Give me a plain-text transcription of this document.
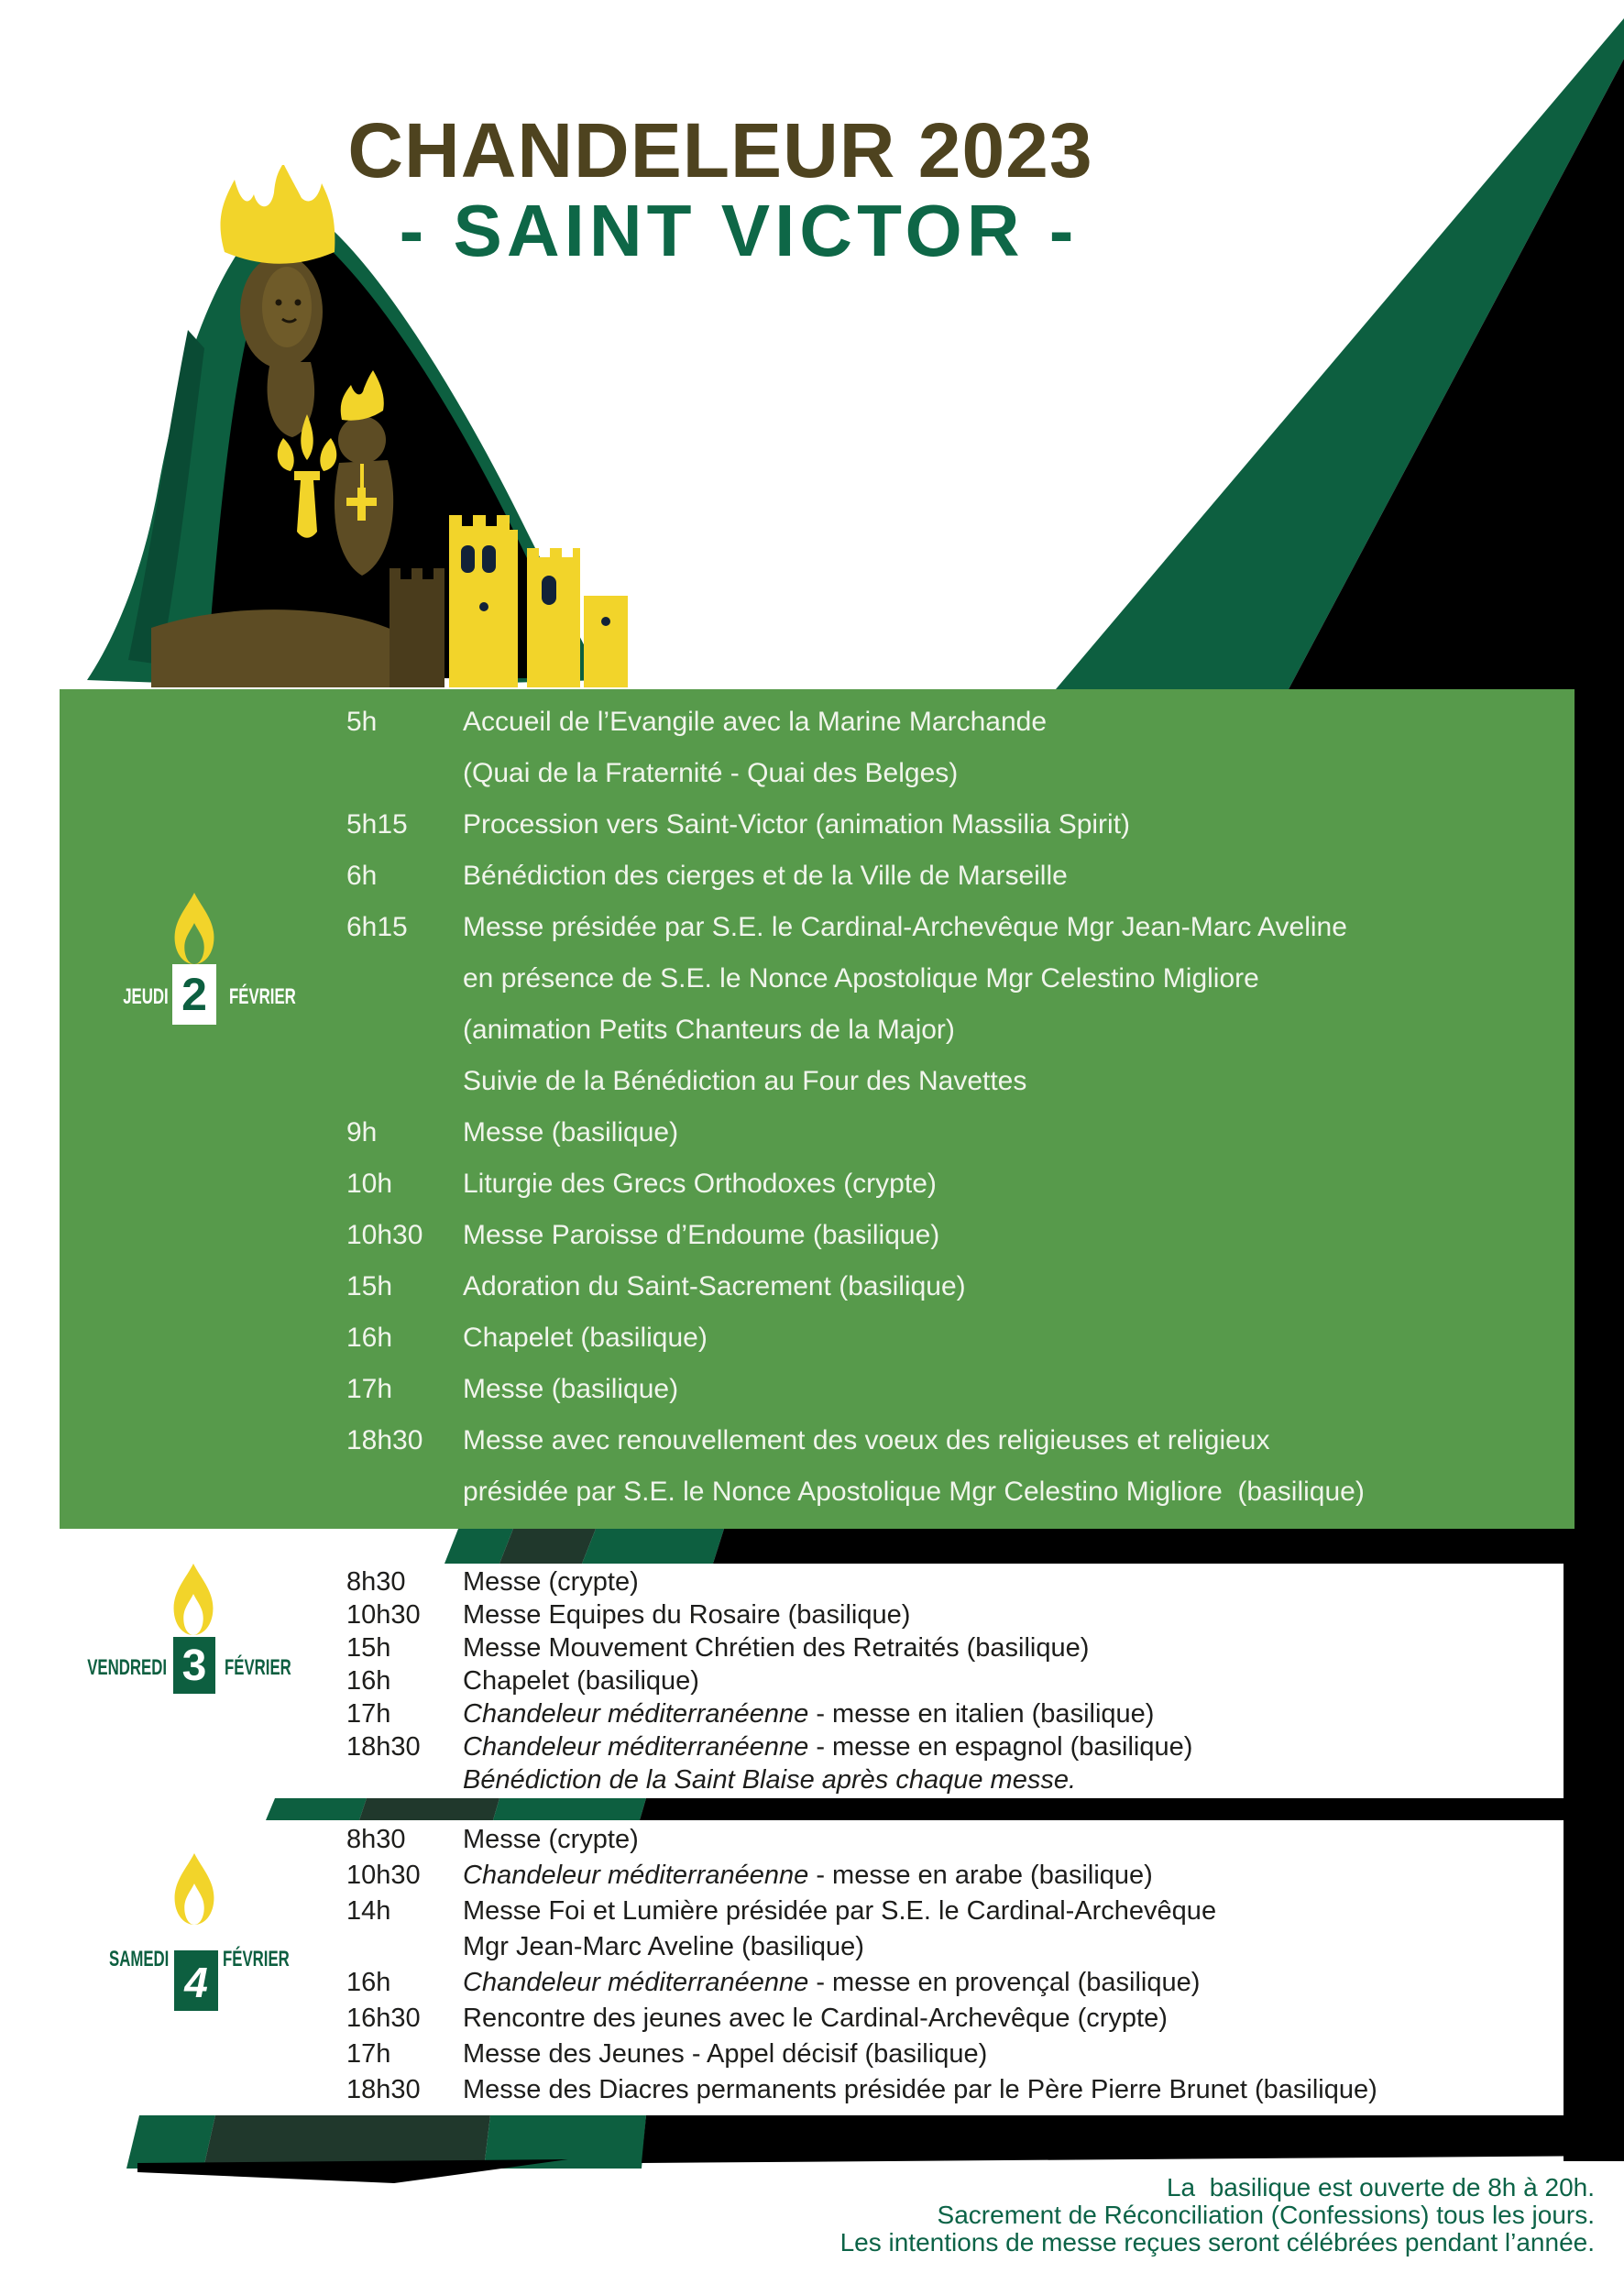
CHANDELEUR 2023
- SAINT VICTOR -
JEUDI 2 FÉVRIER
VENDREDI 3 FÉVRIER
SAMEDI 4 FÉVRIER
5h	Accueil de l’Evangile avec la Marine Marchande
(Quai de la Fraternité - Quai des Belges)
5h15	Procession vers Saint-Victor (animation Massilia Spirit)
6h	Bénédiction des cierges et de la Ville de Marseille
6h15	Messe présidée par S.E. le Cardinal-Archevêque Mgr Jean-Marc Aveline
en présence de S.E. le Nonce Apostolique Mgr Celestino Migliore
(animation Petits Chanteurs de la Major)
Suivie de la Bénédiction au Four des Navettes
9h	Messe (basilique)
10h	Liturgie des Grecs Orthodoxes (crypte)
10h30	Messe Paroisse d’Endoume (basilique)
15h	Adoration du Saint-Sacrement (basilique)
16h	Chapelet (basilique)
17h	Messe (basilique)
18h30	Messe avec renouvellement des voeux des religieuses et religieux
présidée par S.E. le Nonce Apostolique Mgr Celestino Migliore  (basilique)
8h30	Messe (crypte)
10h30	Messe Equipes du Rosaire (basilique)
15h	Messe Mouvement Chrétien des Retraités (basilique)
16h	Chapelet (basilique)
17h	Chandeleur méditerranéenne - messe en italien (basilique)
18h30	Chandeleur méditerranéenne - messe en espagnol (basilique)
Bénédiction de la Saint Blaise après chaque messe.
8h30	Messe (crypte)
10h30	Chandeleur méditerranéenne - messe en arabe (basilique)
14h	Messe Foi et Lumière présidée par S.E. le Cardinal-Archevêque
Mgr Jean-Marc Aveline (basilique)
16h	Chandeleur méditerranéenne - messe en provençal (basilique)
16h30	Rencontre des jeunes avec le Cardinal-Archevêque (crypte)
17h	Messe des Jeunes - Appel décisif (basilique)
18h30	Messe des Diacres permanents présidée par le Père Pierre Brunet (basilique)
La  basilique est ouverte de 8h à 20h.
Sacrement de Réconciliation (Confessions) tous les jours.
Les intentions de messe reçues seront célébrées pendant l’année.
